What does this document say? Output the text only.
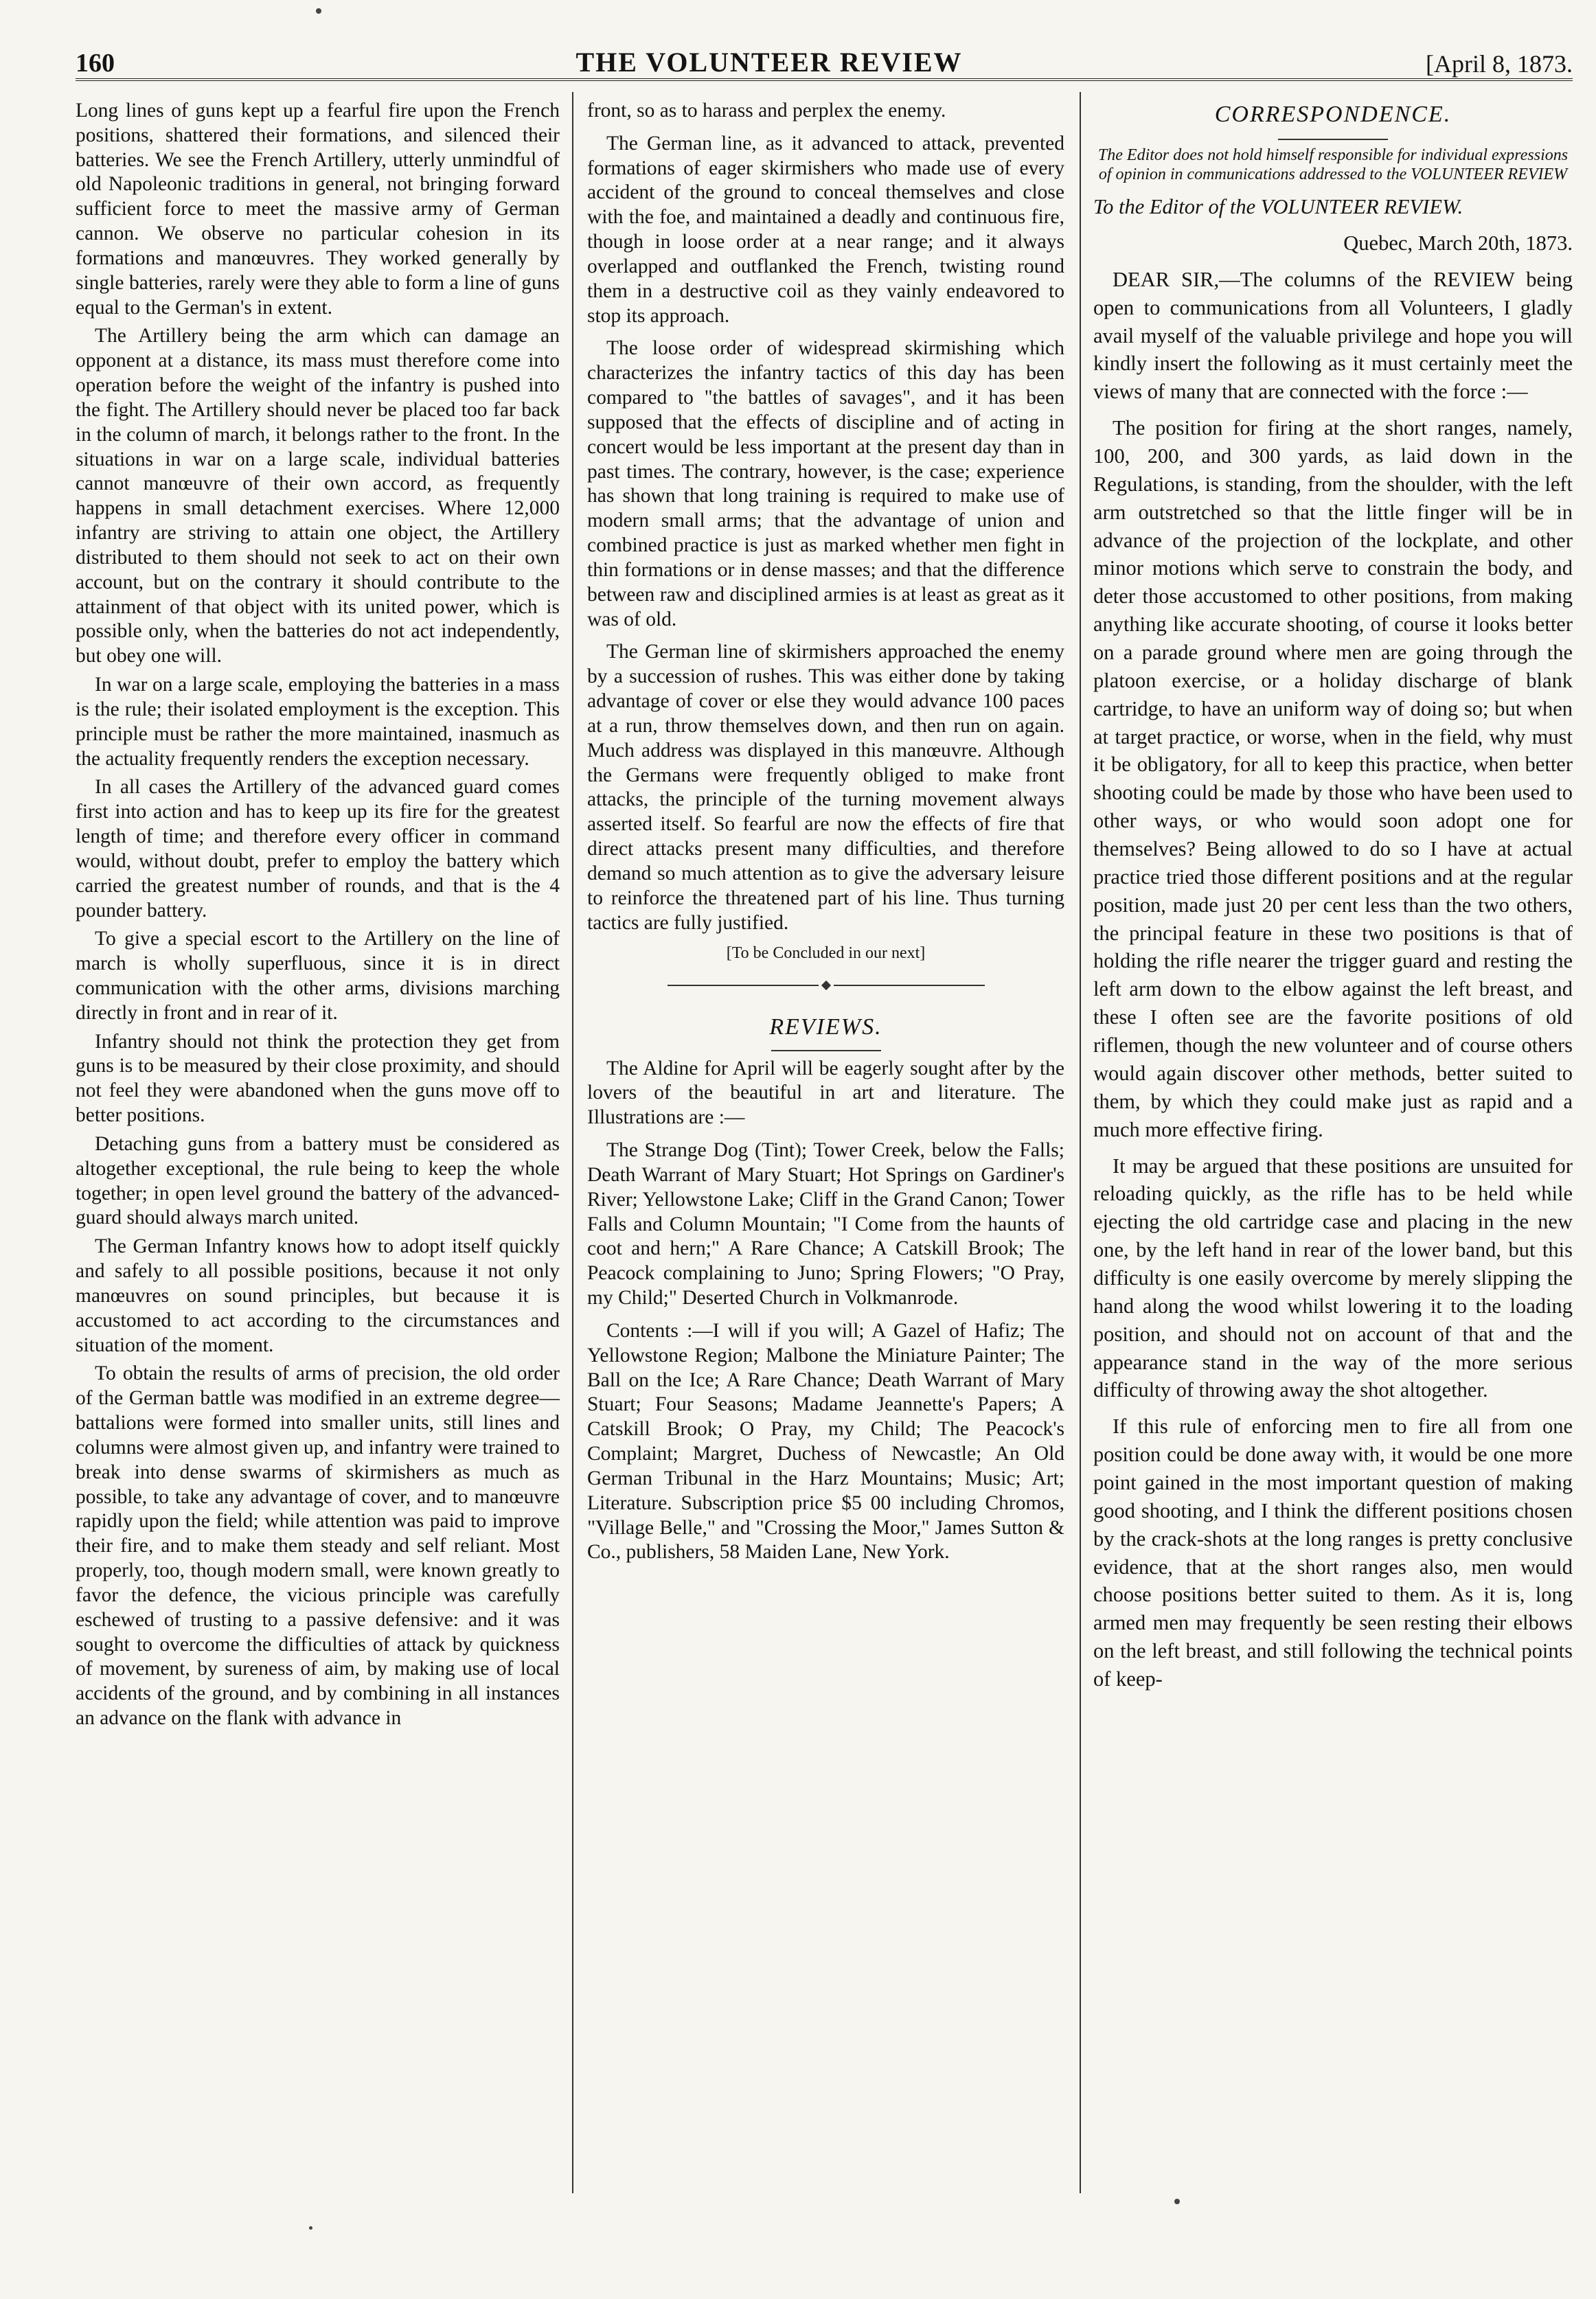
160	THE VOLUNTEER REVIEW	[April 8, 1873.

Long lines of guns kept up a fearful fire upon the French positions, shattered their formations, and silenced their batteries. We see the French Artillery, utterly unmindful of old Napoleonic traditions in general, not bringing forward sufficient force to meet the massive army of German cannon. We observe no particular cohesion in its formations and manœuvres. They worked generally by single batteries, rarely were they able to form a line of guns equal to the German's in extent.

The Artillery being the arm which can damage an opponent at a distance, its mass must therefore come into operation before the weight of the infantry is pushed into the fight. The Artillery should never be placed too far back in the column of march, it belongs rather to the front. In the situations in war on a large scale, individual batteries cannot manœuvre of their own accord, as frequently happens in small detachment exercises. Where 12,000 infantry are striving to attain one object, the Artillery distributed to them should not seek to act on their own account, but on the contrary it should contribute to the attainment of that object with its united power, which is possible only, when the batteries do not act independently, but obey one will.

In war on a large scale, employing the batteries in a mass is the rule; their isolated employment is the exception. This principle must be rather the more maintained, inasmuch as the actuality frequently renders the exception necessary.

In all cases the Artillery of the advanced guard comes first into action and has to keep up its fire for the greatest length of time; and therefore every officer in command would, without doubt, prefer to employ the battery which carried the greatest number of rounds, and that is the 4 pounder battery.

To give a special escort to the Artillery on the line of march is wholly superfluous, since it is in direct communication with the other arms, divisions marching directly in front and in rear of it.

Infantry should not think the protection they get from guns is to be measured by their close proximity, and should not feel they were abandoned when the guns move off to better positions.

Detaching guns from a battery must be considered as altogether exceptional, the rule being to keep the whole together; in open level ground the battery of the advanced-guard should always march united.

The German Infantry knows how to adopt itself quickly and safely to all possible positions, because it not only manœuvres on sound principles, but because it is accustomed to act according to the circumstances and situation of the moment.

To obtain the results of arms of precision, the old order of the German battle was modified in an extreme degree—battalions were formed into smaller units, still lines and columns were almost given up, and infantry were trained to break into dense swarms of skirmishers as much as possible, to take any advantage of cover, and to manœuvre rapidly upon the field; while attention was paid to improve their fire, and to make them steady and self reliant. Most properly, too, though modern small, were known greatly to favor the defence, the vicious principle was carefully eschewed of trusting to a passive defensive: and it was sought to overcome the difficulties of attack by quickness of movement, by sureness of aim, by making use of local accidents of the ground, and by combining in all instances an advance on the flank with advance in

front, so as to harass and perplex the enemy.

The German line, as it advanced to attack, prevented formations of eager skirmishers who made use of every accident of the ground to conceal themselves and close with the foe, and maintained a deadly and continuous fire, though in loose order at a near range; and it always overlapped and outflanked the French, twisting round them in a destructive coil as they vainly endeavored to stop its approach.

The loose order of widespread skirmishing which characterizes the infantry tactics of this day has been compared to "the battles of savages", and it has been supposed that the effects of discipline and of acting in concert would be less important at the present day than in past times. The contrary, however, is the case; experience has shown that long training is required to make use of modern small arms; that the advantage of union and combined practice is just as marked whether men fight in thin formations or in dense masses; and that the difference between raw and disciplined armies is at least as great as it was of old.

The German line of skirmishers approached the enemy by a succession of rushes. This was either done by taking advantage of cover or else they would advance 100 paces at a run, throw themselves down, and then run on again. Much address was displayed in this manœuvre. Although the Germans were frequently obliged to make front attacks, the principle of the turning movement always asserted itself. So fearful are now the effects of fire that direct attacks present many difficulties, and therefore demand so much attention as to give the adversary leisure to reinforce the threatened part of his line. Thus turning tactics are fully justified.

[To be Concluded in our next]

REVIEWS.

The Aldine for April will be eagerly sought after by the lovers of the beautiful in art and literature. The Illustrations are :—

The Strange Dog (Tint); Tower Creek, below the Falls; Death Warrant of Mary Stuart; Hot Springs on Gardiner's River; Yellowstone Lake; Cliff in the Grand Canon; Tower Falls and Column Mountain; "I Come from the haunts of coot and hern;" A Rare Chance; A Catskill Brook; The Peacock complaining to Juno; Spring Flowers; "O Pray, my Child;" Deserted Church in Volkmanrode.

Contents :—I will if you will; A Gazel of Hafiz; The Yellowstone Region; Malbone the Miniature Painter; The Ball on the Ice; A Rare Chance; Death Warrant of Mary Stuart; Four Seasons; Madame Jeannette's Papers; A Catskill Brook; O Pray, my Child; The Peacock's Complaint; Margret, Duchess of Newcastle; An Old German Tribunal in the Harz Mountains; Music; Art; Literature. Subscription price $5 00 including Chromos, "Village Belle," and "Crossing the Moor," James Sutton & Co., publishers, 58 Maiden Lane, New York.

CORRESPONDENCE.

The Editor does not hold himself responsible for individual expressions of opinion in communications addressed to the VOLUNTEER REVIEW

To the Editor of the VOLUNTEER REVIEW.

Quebec, March 20th, 1873.

DEAR SIR,—The columns of the REVIEW being open to communications from all Volunteers, I gladly avail myself of the valuable privilege and hope you will kindly insert the following as it must certainly meet the views of many that are connected with the force :—

The position for firing at the short ranges, namely, 100, 200, and 300 yards, as laid down in the Regulations, is standing, from the shoulder, with the left arm outstretched so that the little finger will be in advance of the projection of the lockplate, and other minor motions which serve to constrain the body, and deter those accustomed to other positions, from making anything like accurate shooting, of course it looks better on a parade ground where men are going through the platoon exercise, or a holiday discharge of blank cartridge, to have an uniform way of doing so; but when at target practice, or worse, when in the field, why must it be obligatory, for all to keep this practice, when better shooting could be made by those who have been used to other ways, or who would soon adopt one for themselves? Being allowed to do so I have at actual practice tried those different positions and at the regular position, made just 20 per cent less than the two others, the principal feature in these two positions is that of holding the rifle nearer the trigger guard and resting the left arm down to the elbow against the left breast, and these I often see are the favorite positions of old riflemen, though the new volunteer and of course others would again discover other methods, better suited to them, by which they could make just as rapid and a much more effective firing.

It may be argued that these positions are unsuited for reloading quickly, as the rifle has to be held while ejecting the old cartridge case and placing in the new one, by the left hand in rear of the lower band, but this difficulty is one easily overcome by merely slipping the hand along the wood whilst lowering it to the loading position, and should not on account of that and the appearance stand in the way of the more serious difficulty of throwing away the shot altogether.

If this rule of enforcing men to fire all from one position could be done away with, it would be one more point gained in the most important question of making good shooting, and I think the different positions chosen by the crack-shots at the long ranges is pretty conclusive evidence, that at the short ranges also, men would choose positions better suited to them. As it is, long armed men may frequently be seen resting their elbows on the left breast, and still following the technical points of keep-
